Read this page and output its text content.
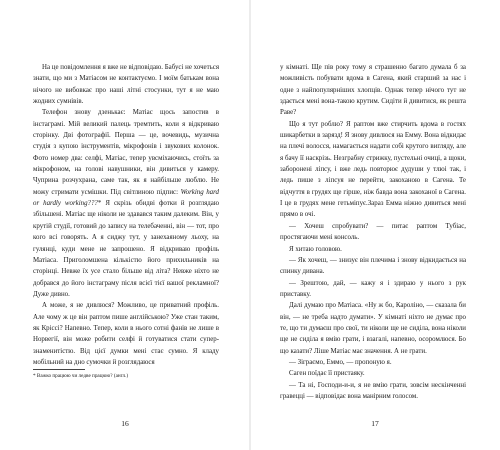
На це повідомлення я вже не відповідаю. Бабусі не хочеться знати, що ми з Матіасом не контактуємо. І моїм батькам вона нічого не вибовкає про наші літні стосунки, тут я не маю жодних сумнівів.

Телефон знову дзенькає: Матіас щось запостив в інстаграмі. Мій великий палець тремтить, коли я відкриваю сторінку. Дві фотографії. Перша — це, вочевидь, музична студія з купою інструментів, мікрофонів і звукових колонок. Фото номер два: селфі, Матіас, тепер увсміхаючись, стоїть за мікрофоном, на голові навушники, він дивиться у камеру. Чуприна розчухрана, саме так, як я найбільше люблю. Не можу стримати усмішки. Під світлиною підпис: Working hard or hardly working???* Я скрізь обидві фотки й розглядаю збільшені. Матіас ще ніколи не здавався таким далеким. Він, у крутій студії, готовий до запису на телебаченні, він — тот, про кого всі говорять. А я сиджу тут, у занехаяному льоху, на гулянці, куди мене не запрошено. Я відкриваю профіль Матіаса. Приголомшена кількістю його прихильників на сторінці. Невже їх усе стало більше від літа? Невже ніхто не добрався до його інстаграму після всієї тієї вашої рекламної? Дуже дивно.

А може, я не дивлюся? Можливо, це приватний профіль. Але чому ж це він раптом пише англійською? Уже стан таким, як Кріссі? Напевно. Тепер, коли в нього сотні фанів не лише в Норвегії, він може робити селфі й готуватися стати супер-знаменитістю. Від цієї думки мені стає сумно. Я кладу мобільний на дно сумочки й розглядаюся

* Важко працюю чи ледве працюю? (англ.)
16

у кімнаті. Ще пів року тому я страшенно багато думала б за можливість побувати вдома в Сагена, який старший за нас і одне з найпопулярніших хлопців. Однак тепер нічого тут не здається мені вона-такою крутим. Сидіти й дивитися, як решта Раве?

Що я тут роблю? Я раптом вже стирчить вдома в гостях шикарбетки в зарязд! Я знову дивлюся на Емму. Вона відкидає на плечі волосся, намагається надати собі крутого вигляду, але я бачу її наскрізь. Незграбну стрижку, пустельні очиці, а щоки, заборонені ліпсу, і вже ледь повторює дудуши у тлюі так, і ледь пише з ліпсуя не перейти, закоханою в Сагена. Те відчуття в грудях ще гірше, ніж бавда вона закоханої в Сагена. І це в грудях мене гетьміпує.Зараз Емма ніжно дивиться мені прямо в очі.

— Хочеш спробувати? — питає раптом Тубіас, простягаючи мені консоль.

Я хитаю головою.

— Як хочеш, — знизує він плечима і знову відкидається на спинку дивана.

— Зрештою, дай, — кажу я і здираю у нього з рук приставку.

Далі думаю про Матіаса. «Ну ж бо, Кароліно, — сказала би він, — не треба надто думати». У кімнаті ніхто не думає про те, що ти думаєш про свої, ти ніколи ще не сиділа, вона ніколи ще не сиділа я вмію грати, і взагалі, напевно, осоромлюся. Бо що казати? Ліше Матіас має значення. А не грати.

— Зіграємо, Еммо, — пропоную я.

Саген поїдає її пристаяку.

— Та ні, Господи-и-и, я не вмію грати, зовсім нескінченні гравецці — відповідає вона манірним голосом.

17
